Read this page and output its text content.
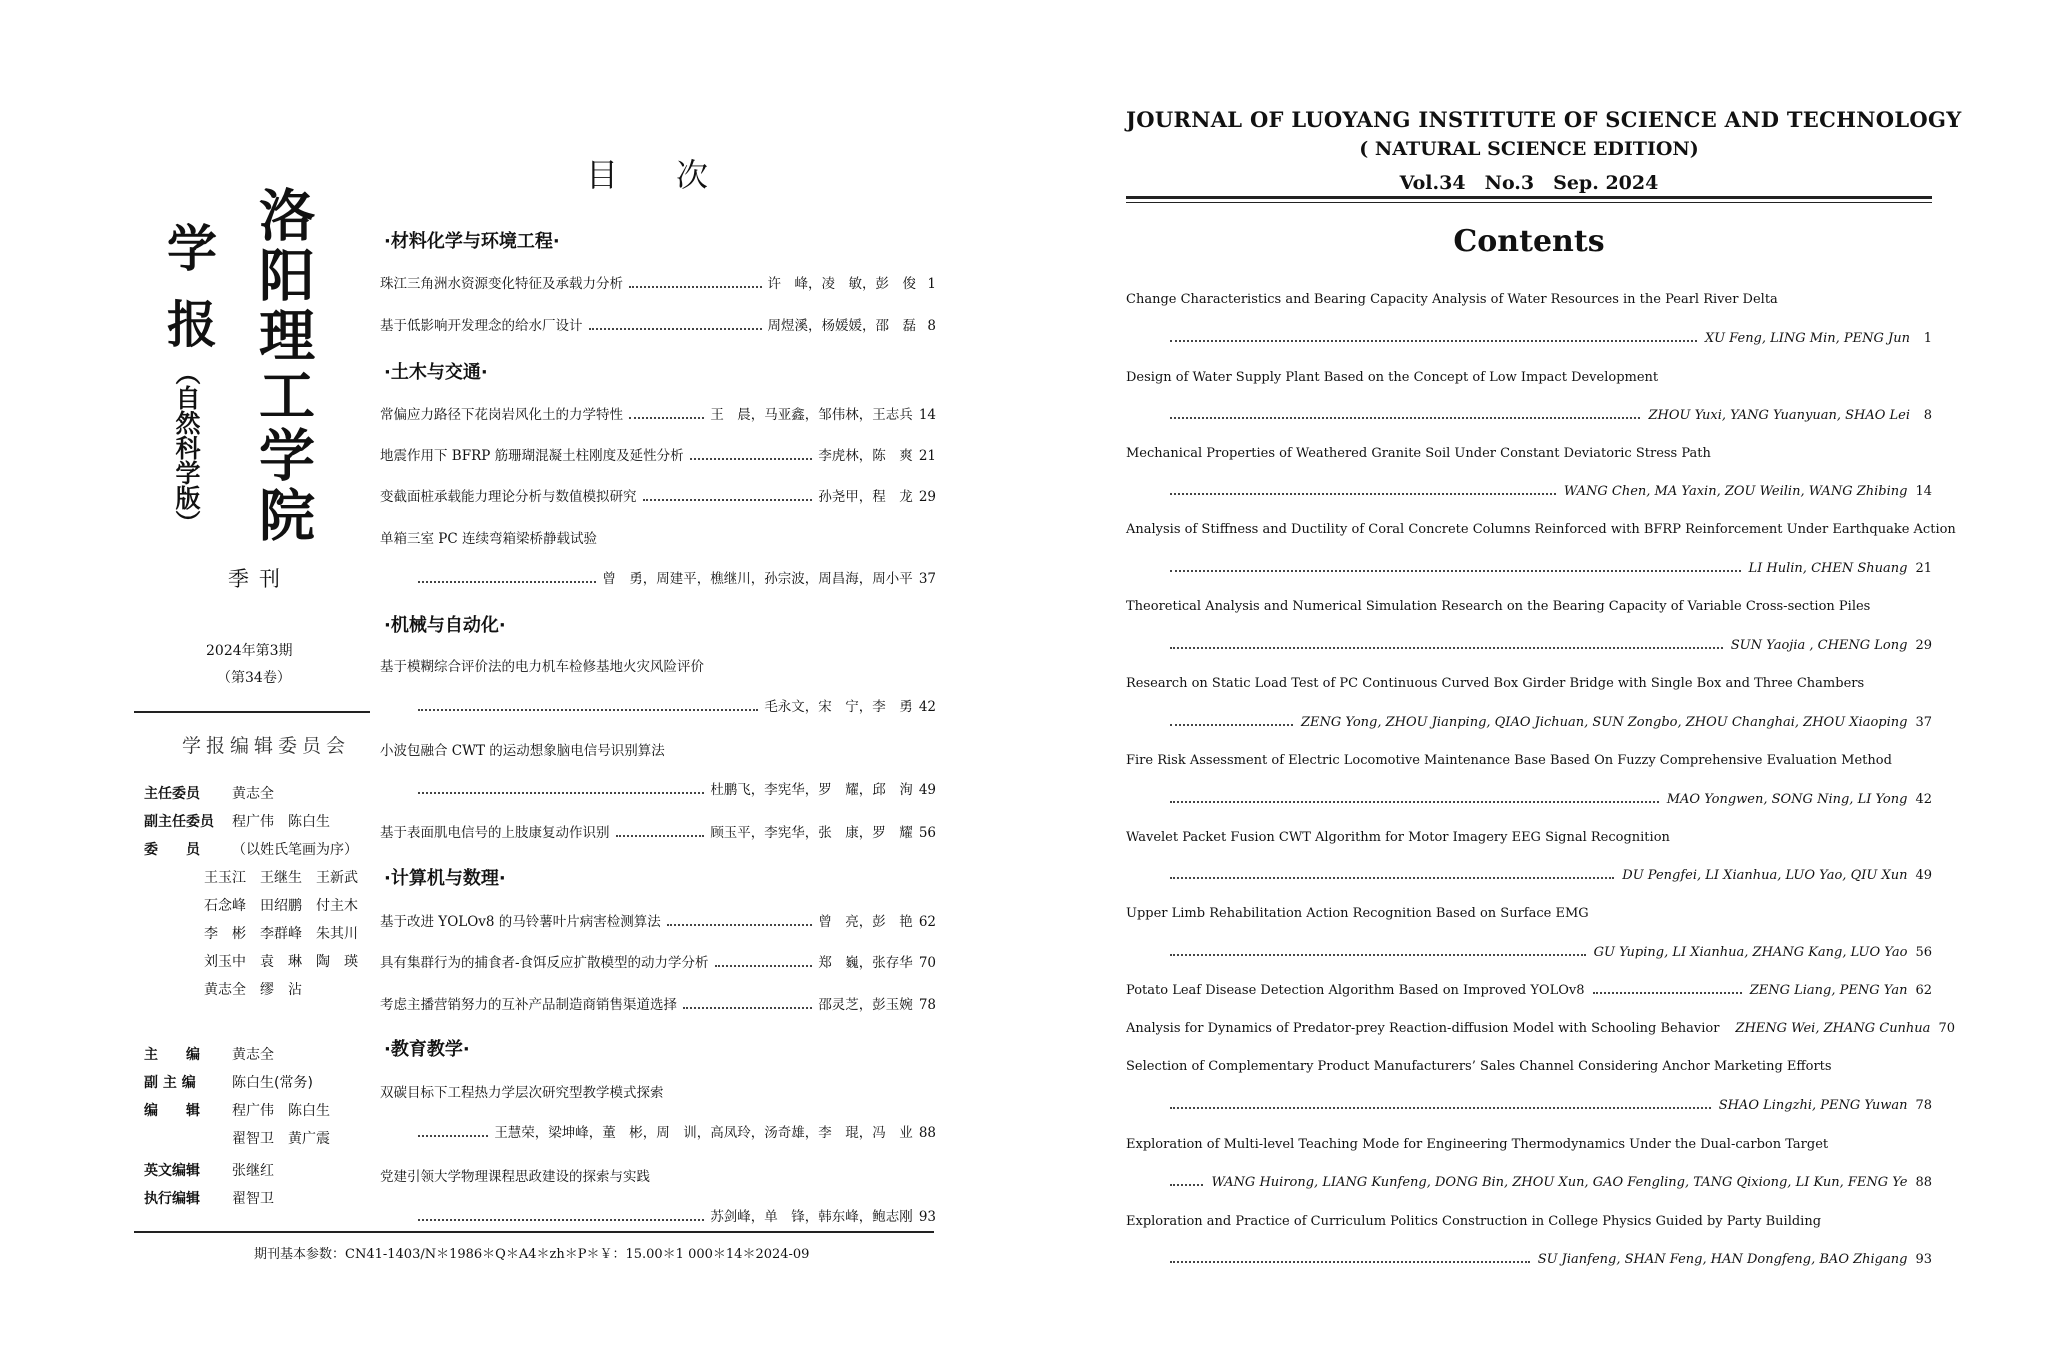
洛阳理工学院
学报
（自然科学版）
季刊
2024年第3期
（第34卷）
学报编辑委员会
主任委员 黄志全
副主任委员 程广伟　陈白生
委　　员 （以姓氏笔画为序）
王玉江　王继生　王新武
石念峰　田绍鹏　付主木
李　彬　李群峰　朱其川
刘玉中　袁　琳　陶　瑛
黄志全　缪　沾
主　　编 黄志全
副 主 编	陈白生(常务)
编　　辑 程广伟　陈白生
翟智卫　黄广震
英文编辑 张继红
执行编辑 翟智卫
目次
·材料化学与环境工程·
珠江三角洲水资源变化特征及承载力分析	许　峰，凌　敏，彭　俊 1
基于低影响开发理念的给水厂设计	周煜溪，杨媛媛，邵　磊 8
·土木与交通·
常偏应力路径下花岗岩风化土的力学特性	王　晨，马亚鑫，邹伟林，王志兵 14
地震作用下 BFRP 筋珊瑚混凝土柱刚度及延性分析	李虎林，陈　爽 21
变截面桩承载能力理论分析与数值模拟研究	孙尧甲，程　龙 29
单箱三室 PC 连续弯箱梁桥静载试验
曾　勇，周建平，樵继川，孙宗波，周昌海，周小平 37
·机械与自动化·
基于模糊综合评价法的电力机车检修基地火灾风险评价
毛永文，宋　宁，李　勇 42
小波包融合 CWT 的运动想象脑电信号识别算法
杜鹏飞，李宪华，罗　耀，邱　洵 49
基于表面肌电信号的上肢康复动作识别	顾玉平，李宪华，张　康，罗　耀 56
·计算机与数理·
基于改进 YOLOv8 的马铃薯叶片病害检测算法	曾　亮，彭　艳 62
具有集群行为的捕食者-食饵反应扩散模型的动力学分析	郑　巍，张存华 70
考虑主播营销努力的互补产品制造商销售渠道选择	邵灵芝，彭玉婉 78
·教育教学·
双碳目标下工程热力学层次研究型教学模式探索
王慧荣，梁坤峰，董　彬，周　训，高凤玲，汤奇雄，李　琨，冯　业 88
党建引领大学物理课程思政建设的探索与实践
苏剑峰，单　锋，韩东峰，鲍志刚 93
期刊基本参数：CN41-1403/N＊1986＊Q＊A4＊zh＊P＊￥：15.00＊1 000＊14＊2024-09
JOURNAL OF LUOYANG INSTITUTE OF SCIENCE AND TECHNOLOGY
( NATURAL SCIENCE EDITION)
Vol.34　No.3　Sep. 2024
Contents
Change Characteristics and Bearing Capacity Analysis of Water Resources in the Pearl River Delta
XU Feng, LING Min, PENG Jun	1
Design of Water Supply Plant Based on the Concept of Low Impact Development
ZHOU Yuxi, YANG Yuanyuan, SHAO Lei	8
Mechanical Properties of Weathered Granite Soil Under Constant Deviatoric Stress Path
WANG Chen, MA Yaxin, ZOU Weilin, WANG Zhibing 14
Analysis of Stiffness and Ductility of Coral Concrete Columns Reinforced with BFRP Reinforcement Under Earthquake Action
LI Hulin, CHEN Shuang 21
Theoretical Analysis and Numerical Simulation Research on the Bearing Capacity of Variable Cross-section Piles
SUN Yaojia , CHENG Long 29
Research on Static Load Test of PC Continuous Curved Box Girder Bridge with Single Box and Three Chambers
ZENG Yong, ZHOU Jianping, QIAO Jichuan, SUN Zongbo, ZHOU Changhai, ZHOU Xiaoping 37
Fire Risk Assessment of Electric Locomotive Maintenance Base Based On Fuzzy Comprehensive Evaluation Method
MAO Yongwen, SONG Ning, LI Yong 42
Wavelet Packet Fusion CWT Algorithm for Motor Imagery EEG Signal Recognition
DU Pengfei, LI Xianhua, LUO Yao, QIU Xun 49
Upper Limb Rehabilitation Action Recognition Based on Surface EMG
GU Yuping, LI Xianhua, ZHANG Kang, LUO Yao 56
Potato Leaf Disease Detection Algorithm Based on Improved YOLOv8	ZENG Liang, PENG Yan 62
Analysis for Dynamics of Predator-prey Reaction-diffusion Model with Schooling Behavior ZHENG Wei, ZHANG Cunhua 70
Selection of Complementary Product Manufacturers’ Sales Channel Considering Anchor Marketing Efforts
SHAO Lingzhi, PENG Yuwan 78
Exploration of Multi-level Teaching Mode for Engineering Thermodynamics Under the Dual-carbon Target
WANG Huirong, LIANG Kunfeng, DONG Bin, ZHOU Xun, GAO Fengling, TANG Qixiong, LI Kun, FENG Ye 88
Exploration and Practice of Curriculum Politics Construction in College Physics Guided by Party Building
SU Jianfeng, SHAN Feng, HAN Dongfeng, BAO Zhigang 93
